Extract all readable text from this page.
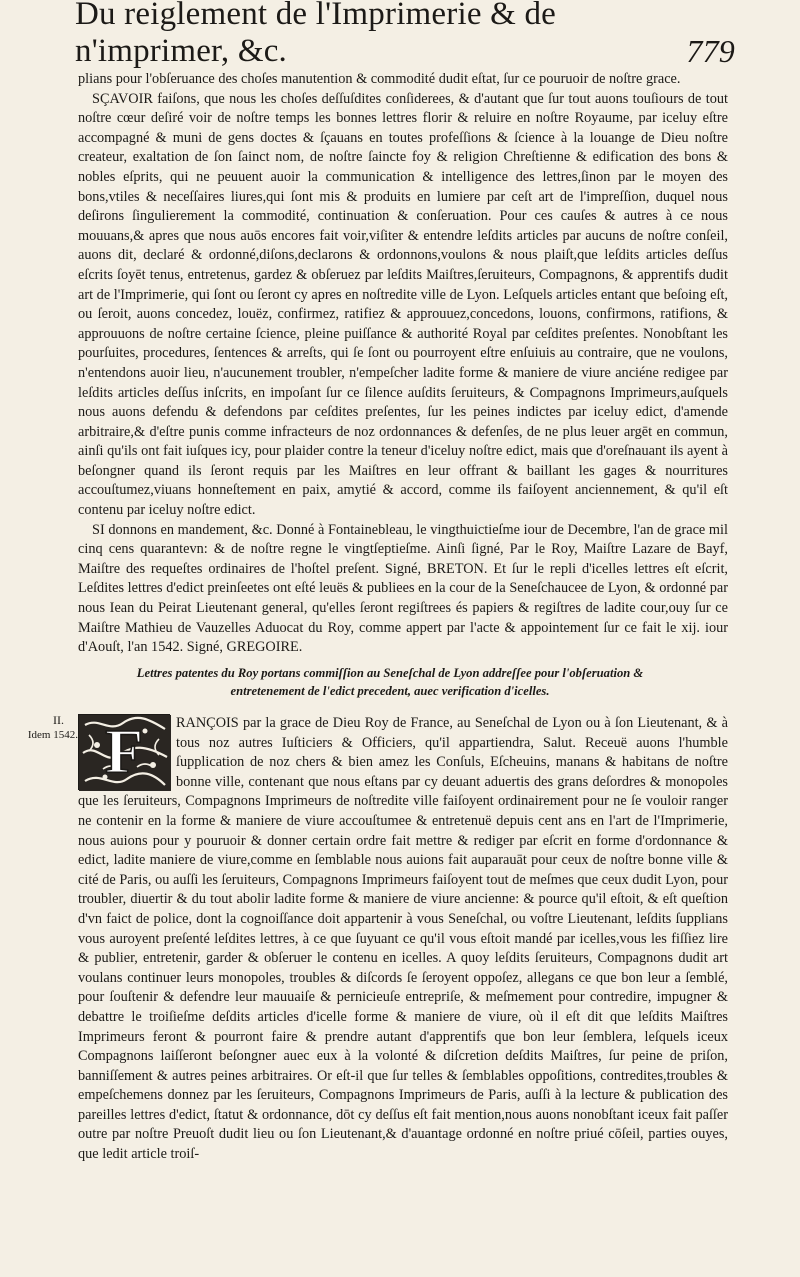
Du reiglement de l'Imprimerie & de n'imprimer, &c.	779

plians pour l'obſeruance des choſes manutention & commodité dudit eſtat, ſur ce pouruoir de noſtre grace.

SÇAVOIR faiſons, que nous les choſes deſſuſdites conſiderees, & d'autant que ſur tout auons touſiours de tout noſtre cœur deſiré voir de noſtre temps les bonnes lettres florir & reluire en noſtre Royaume, par iceluy eſtre accompagné & muni de gens doctes & ſçauans en toutes profeſſions & ſcience à la louange de Dieu noſtre createur, exaltation de ſon ſainct nom, de noſtre ſaincte foy & religion Chreſtienne & edification des bons & nobles eſprits, qui ne peuuent auoir la communication & intelligence des lettres,ſinon par le moyen des bons,vtiles & neceſſaires liures,qui ſont mis & produits en lumiere par ceſt art de l'impreſſion, duquel nous deſirons ſingulierement la commodité, continuation & conſeruation. Pour ces cauſes & autres à ce nous mouuans,& apres que nous auōs encores fait voir,viſiter & entendre leſdits articles par aucuns de noſtre conſeil, auons dit, declaré & ordonné,diſons,declarons & ordonnons,voulons & nous plaiſt,que leſdits articles deſſus eſcrits ſoyēt tenus, entretenus, gardez & obſeruez par leſdits Maiſtres,ſeruiteurs, Compagnons, & apprentifs dudit art de l'Imprimerie, qui ſont ou ſeront cy apres en noſtredite ville de Lyon. Leſquels articles entant que beſoing eſt, ou ſeroit, auons concedez, louëz, confirmez, ratifiez & approuuez,concedons, louons, confirmons, ratifions, & approuuons de noſtre certaine ſcience, pleine puiſſance & authorité Royal par ceſdites preſentes. Nonobſtant les pourſuites, procedures, ſentences & arreſts, qui ſe ſont ou pourroyent eſtre enſuiuis au contraire, que ne voulons, n'entendons auoir lieu, n'aucunement troubler, n'empeſcher ladite forme & maniere de viure anciéne redigee par leſdits articles deſſus inſcrits, en impoſant ſur ce ſilence auſdits ſeruiteurs, & Compagnons Imprimeurs,auſquels nous auons defendu & defendons par ceſdites preſentes, ſur les peines indictes par iceluy edict, d'amende arbitraire,& d'eſtre punis comme infracteurs de noz ordonnances & defenſes, de ne plus leuer argēt en commun, ainſi qu'ils ont fait iuſques icy, pour plaider contre la teneur d'iceluy noſtre edict, mais que d'oreſnauant ils ayent à beſongner quand ils ſeront requis par les Maiſtres en leur offrant & baillant les gages & nourritures accouſtumez,viuans honneſtement en paix, amytié & accord, comme ils faiſoyent anciennement, & qu'il eſt contenu par iceluy noſtre edict.

SI donnons en mandement, &c. Donné à Fontainebleau, le vingthuictieſme iour de Decembre, l'an de grace mil cinq cens quarantevn: & de noſtre regne le vingtſeptieſme. Ainſi ſigné, Par le Roy, Maiſtre Lazare de Bayf, Maiſtre des requeſtes ordinaires de l'hoſtel preſent. Signé, BRETON. Et ſur le repli d'icelles lettres eſt eſcrit, Leſdites lettres d'edict preinſeetes ont eſté leuës & publiees en la cour de la Seneſchaucee de Lyon, & ordonné par nous Iean du Peirat Lieutenant general, qu'elles ſeront regiſtrees és papiers & regiſtres de ladite cour,ouy ſur ce Maiſtre Mathieu de Vauzelles Aduocat du Roy, comme appert par l'acte & appointement ſur ce fait le xij. iour d'Aouſt, l'an 1542. Signé, GREGOIRE.

Lettres patentes du Roy portans commiſſion au Seneſchal de Lyon addreſſee pour l'obſeruation & entretenement de l'edict precedent, auec verification d'icelles.
II.
Idem 1542. F RANÇOIS par la grace de Dieu Roy de France, au Seneſchal de Lyon ou à ſon Lieutenant, & à tous noz autres Iuſticiers & Officiers, qu'il appartiendra, Salut. Receuë auons l'humble ſupplication de noz chers & bien amez les Conſuls, Eſcheuins, manans & habitans de noſtre bonne ville, contenant que nous eſtans par cy deuant aduertis des grans deſordres & monopoles que les ſeruiteurs, Compagnons Imprimeurs de noſtredite ville faiſoyent ordinairement pour ne ſe vouloir ranger ne contenir en la forme & maniere de viure accouſtumee & entretenuë depuis cent ans en l'art de l'Imprimerie, nous auions pour y pouruoir & donner certain ordre fait mettre & rediger par eſcrit en forme d'ordonnance & edict, ladite maniere de viure,comme en ſemblable nous auions fait auparauāt pour ceux de noſtre bonne ville & cité de Paris, ou auſſi les ſeruiteurs, Compagnons Imprimeurs faiſoyent tout de meſmes que ceux dudit Lyon, pour troubler, diuertir & du tout abolir ladite forme & maniere de viure ancienne: & pource qu'il eſtoit, & eſt queſtion d'vn faict de police, dont la cognoiſſance doit appartenir à vous Seneſchal, ou voſtre Lieutenant, leſdits ſupplians vous auroyent preſenté leſdites lettres, à ce que ſuyuant ce qu'il vous eſtoit mandé par icelles,vous les fiſſiez lire & publier, entretenir, garder & obſeruer le contenu en icelles. A quoy leſdits ſeruiteurs, Compagnons dudit art voulans continuer leurs monopoles, troubles & diſcords ſe ſeroyent oppoſez, allegans ce que bon leur a ſemblé, pour ſouſtenir & defendre leur mauuaiſe & pernicieuſe entrepriſe, & meſmement pour contredire, impugner & debattre le troiſieſme deſdits articles d'icelle forme & maniere de viure, où il eſt dit que leſdits Maiſtres Imprimeurs feront & pourront faire & prendre autant d'apprentifs que bon leur ſemblera, leſquels iceux Compagnons laiſſeront beſongner auec eux à la volonté & diſcretion deſdits Maiſtres, ſur peine de priſon, banniſſement & autres peines arbitraires. Or eſt-il que ſur telles & ſemblables oppoſitions, contredites,troubles & empeſchemens donnez par les ſeruiteurs, Compagnons Imprimeurs de Paris, auſſi à la lecture & publication des pareilles lettres d'edict, ſtatut & ordonnance, dōt cy deſſus eſt fait mention,nous auons nonobſtant iceux fait paſſer outre par noſtre Preuoſt dudit lieu ou ſon Lieutenant,& d'auantage ordonné en noſtre priué cōſeil, parties ouyes, que ledit article troiſ-
